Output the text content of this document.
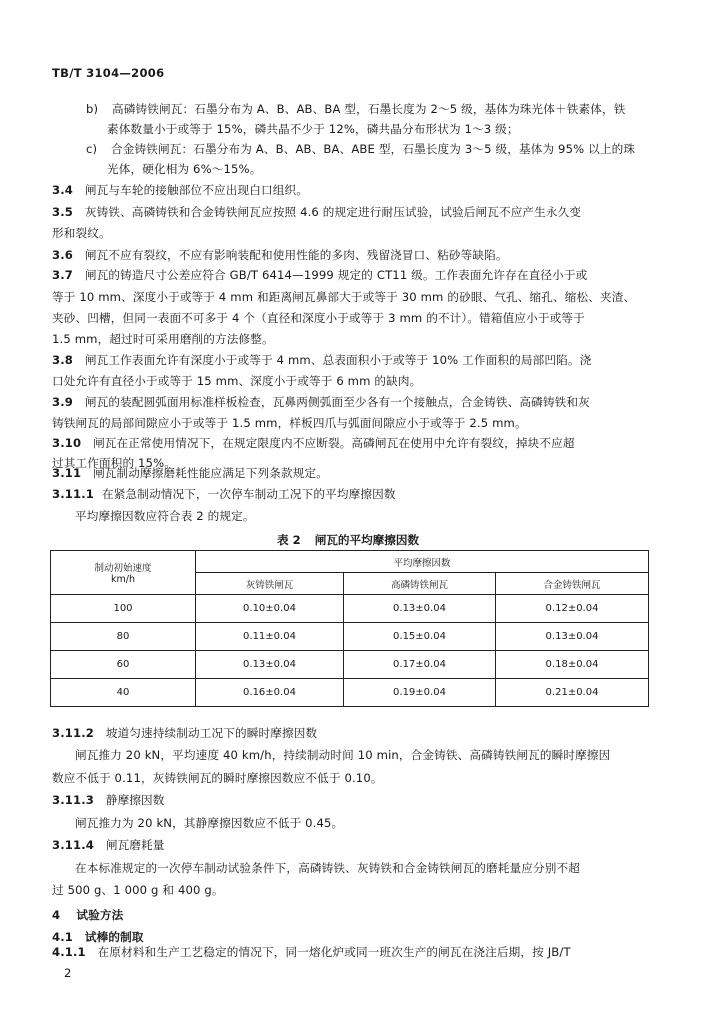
TB/T 3104—2006
b) 高磷铸铁闸瓦：石墨分布为 A、B、AB、BA 型，石墨长度为 2～5 级，基体为珠光体＋铁素体，铁
素体数量小于或等于 15%，磷共晶不少于 12%，磷共晶分布形状为 1～3 级；
c) 合金铸铁闸瓦：石墨分布为 A、B、AB、BA、ABE 型，石墨长度为 3～5 级，基体为 95% 以上的珠
光体，硬化相为 6%～15%。
3.4 闸瓦与车轮的接触部位不应出现白口组织。
3.5 灰铸铁、高磷铸铁和合金铸铁闸瓦应按照 4.6 的规定进行耐压试验，试验后闸瓦不应产生永久变
形和裂纹。
3.6 闸瓦不应有裂纹，不应有影响装配和使用性能的多肉、残留浇冒口、粘砂等缺陷。
3.7 闸瓦的铸造尺寸公差应符合 GB/T 6414—1999 规定的 CT11 级。工作表面允许存在直径小于或
等于 10 mm、深度小于或等于 4 mm 和距离闸瓦鼻部大于或等于 30 mm 的砂眼、气孔、缩孔、缩松、夹渣、
夹砂、凹槽，但同一表面不可多于 4 个（直径和深度小于或等于 3 mm 的不计）。错箱值应小于或等于
1.5 mm，超过时可采用磨削的方法修整。
3.8 闸瓦工作表面允许有深度小于或等于 4 mm、总表面积小于或等于 10% 工作面积的局部凹陷。浇
口处允许有直径小于或等于 15 mm、深度小于或等于 6 mm 的缺肉。
3.9 闸瓦的装配圆弧面用标准样板检查，瓦鼻两侧弧面至少各有一个接触点，合金铸铁、高磷铸铁和灰
铸铁闸瓦的局部间隙应小于或等于 1.5 mm，样板四爪与弧面间隙应小于或等于 2.5 mm。
3.10 闸瓦在正常使用情况下，在规定限度内不应断裂。高磷闸瓦在使用中允许有裂纹，掉块不应超
过其工作面积的 15%。
3.11 闸瓦制动摩擦磨耗性能应满足下列条款规定。
表 2 闸瓦的平均摩擦因数
制动初始速度
km/h	平均摩擦因数		
	灰铸铁闸瓦	高磷铸铁闸瓦	合金铸铁闸瓦
100	0.10±0.04	0.13±0.04	0.12±0.04
80	0.11±0.04	0.15±0.04	0.13±0.04
60	0.13±0.04	0.17±0.04	0.18±0.04
40	0.16±0.04	0.19±0.04	0.21±0.04
3.11.2 坡道匀速持续制动工况下的瞬时摩擦因数
闸瓦推力 20 kN，平均速度 40 km/h，持续制动时间 10 min，合金铸铁、高磷铸铁闸瓦的瞬时摩擦因
数应不低于 0.11，灰铸铁闸瓦的瞬时摩擦因数应不低于 0.10。
3.11.3 静摩擦因数
闸瓦推力为 20 kN，其静摩擦因数应不低于 0.45。
3.11.4 闸瓦磨耗量
在本标准规定的一次停车制动试验条件下，高磷铸铁、灰铸铁和合金铸铁闸瓦的磨耗量应分别不超
过 500 g、1 000 g 和 400 g。
4 试验方法
4.1 试棒的制取
4.1.1 在原材料和生产工艺稳定的情况下，同一熔化炉或同一班次生产的闸瓦在浇注后期，按 JB/T
2
3.11.1 在紧急制动情况下，一次停车制动工况下的平均摩擦因数
平均摩擦因数应符合表 2 的规定。
